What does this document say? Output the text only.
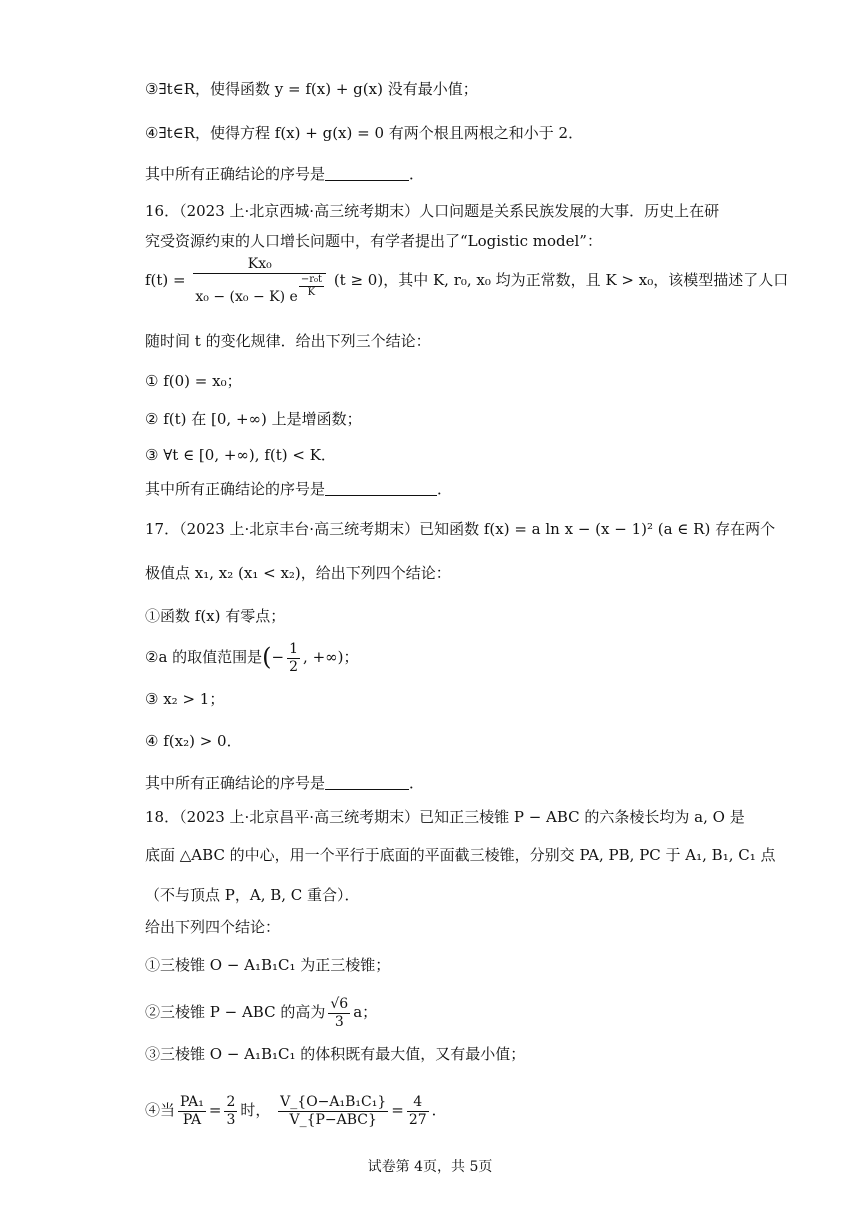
③∃t∈R，使得函数 y = f(x) + g(x) 没有最小值；
④∃t∈R，使得方程 f(x) + g(x) = 0 有两个根且两根之和小于 2．
其中所有正确结论的序号是	．
16．（2023 上·北京西城·高三统考期末）人口问题是关系民族发展的大事．历史上在研
究受资源约束的人口增长问题中，有学者提出了“Logistic model”：
$f(t) = \frac{\text{Kx₀}}{x_0 - (x_0 - K) e \frac{\text{−r₀t}}{K}} (t \ge 0)$，其中 K, r₀, x₀ 均为正常数，且 K > x₀，该模型描述了人口
随时间 t 的变化规律．给出下列三个结论：
① f(0) = x₀；
② f(t) 在 [0, +∞) 上是增函数；
③ ∀t ∈ [0, +∞), f(t) < K．
其中所有正确结论的序号是	．
17．（2023 上·北京丰台·高三统考期末）已知函数 f(x) = a ln x − (x − 1)² (a ∈ R) 存在两个
极值点 x₁, x₂ (x₁ < x₂)，给出下列四个结论：
①函数 f(x) 有零点；
②a 的取值范围是(− $\frac{1}{2}$ , +∞)；
③ x₂ > 1；
④ f(x₂) > 0．
其中所有正确结论的序号是	．
18．（2023 上·北京昌平·高三统考期末）已知正三棱锥 P − ABC 的六条棱长均为 a, O 是
底面 △ABC 的中心，用一个平行于底面的平面截三棱锥，分别交 PA, PB, PC 于 A₁, B₁, C₁ 点
（不与顶点 P，A, B, C 重合）．
给出下列四个结论：
①三棱锥 O − A₁B₁C₁ 为正三棱锥；
②三棱锥 P − ABC 的高为 $\frac{√6}{3}$ a；
③三棱锥 O − A₁B₁C₁ 的体积既有最大值，又有最小值；
④当 $\frac{\text{PA₁}}{PA} = \frac{2}{3}$ 时， $\frac{\text{V\_\{O−A₁B₁C₁\}}}{\text{V\_\{P−ABC\}}} = \frac{4}{27}$ ．
试卷第 4页，共 5页
